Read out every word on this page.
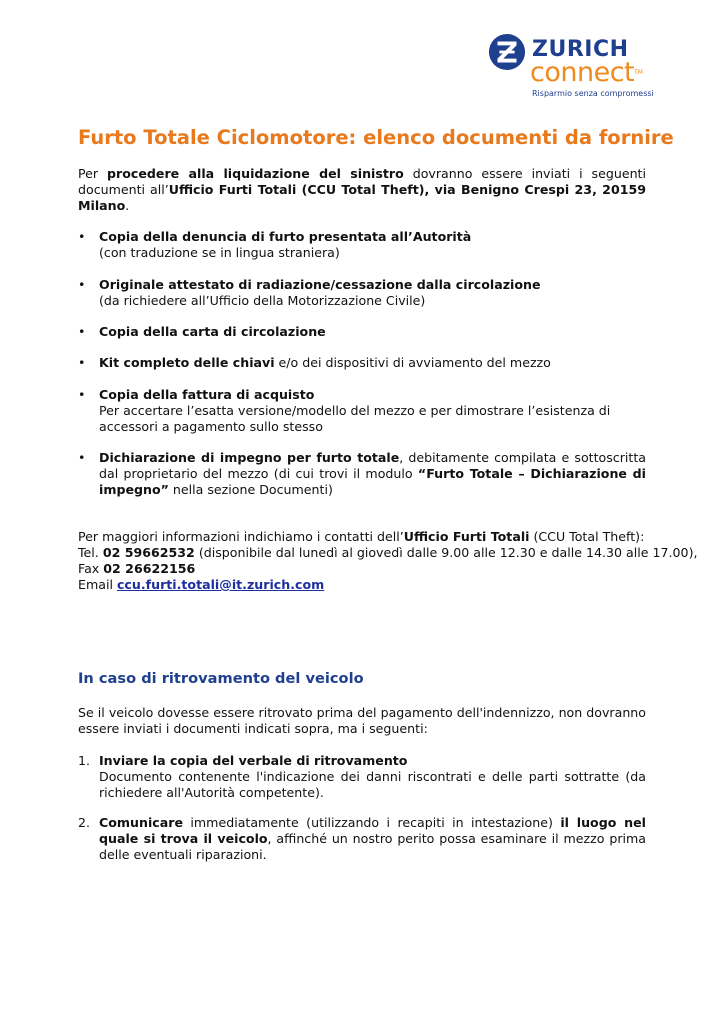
ZURICH
connect™
Risparmio senza compromessi
Furto Totale Ciclomotore: elenco documenti da fornire
Per procedere alla liquidazione del sinistro dovranno essere inviati i seguenti documenti all’Ufficio Furti Totali (CCU Total Theft), via Benigno Crespi 23, 20159 Milano.
• Copia della denuncia di furto presentata all’Autorità
(con traduzione se in lingua straniera)
• Originale attestato di radiazione/cessazione dalla circolazione
(da richiedere all’Ufficio della Motorizzazione Civile)
• Copia della carta di circolazione
• Kit completo delle chiavi e/o dei dispositivi di avviamento del mezzo
• Copia della fattura di acquisto
Per accertare l’esatta versione/modello del mezzo e per dimostrare l’esistenza di accessori a pagamento sullo stesso
• Dichiarazione di impegno per furto totale, debitamente compilata e sottoscritta dal proprietario del mezzo (di cui trovi il modulo “Furto Totale – Dichiarazione di impegno” nella sezione Documenti)
Per maggiori informazioni indichiamo i contatti dell’Ufficio Furti Totali (CCU Total Theft):
Tel. 02 59662532 (disponibile dal lunedì al giovedì dalle 9.00 alle 12.30 e dalle 14.30 alle 17.00),
Fax 02 26622156
Email ccu.furti.totali@it.zurich.com
In caso di ritrovamento del veicolo
Se il veicolo dovesse essere ritrovato prima del pagamento dell'indennizzo, non dovranno essere inviati i documenti indicati sopra, ma i seguenti:
1. Inviare la copia del verbale di ritrovamento
Documento contenente l'indicazione dei danni riscontrati e delle parti sottratte (da richiedere all'Autorità competente).
2. Comunicare immediatamente (utilizzando i recapiti in intestazione) il luogo nel quale si trova il veicolo, affinché un nostro perito possa esaminare il mezzo prima delle eventuali riparazioni.
